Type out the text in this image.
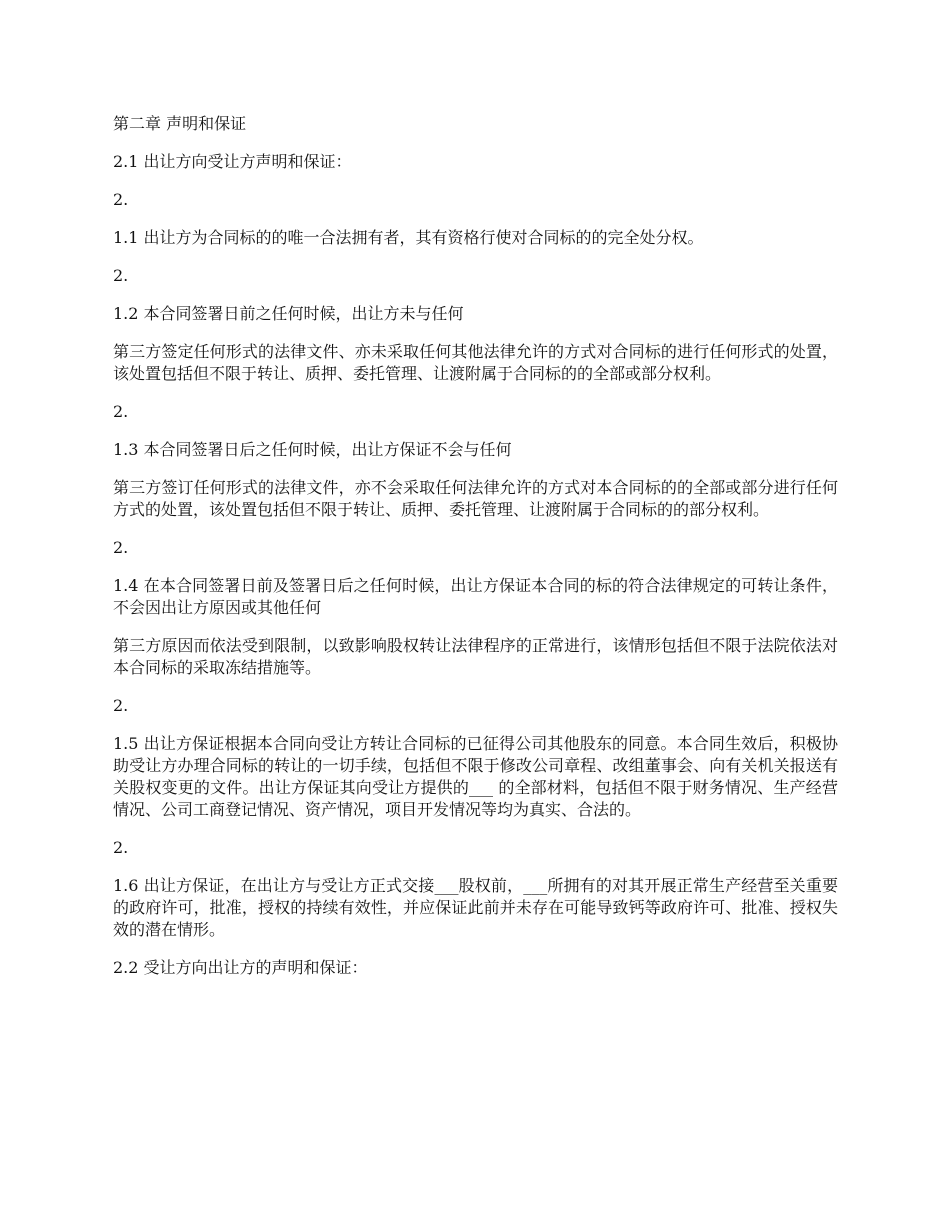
第二章 声明和保证

2.1 出让方向受让方声明和保证：

2.

1.1 出让方为合同标的的唯一合法拥有者，其有资格行使对合同标的的完全处分权。

2.

1.2 本合同签署日前之任何时候，出让方未与任何

第三方签定任何形式的法律文件、亦未采取任何其他法律允许的方式对合同标的进行任何形式的处置，该处置包括但不限于转让、质押、委托管理、让渡附属于合同标的的全部或部分权利。

2.

1.3 本合同签署日后之任何时候，出让方保证不会与任何

第三方签订任何形式的法律文件，亦不会采取任何法律允许的方式对本合同标的的全部或部分进行任何方式的处置，该处置包括但不限于转让、质押、委托管理、让渡附属于合同标的的部分权利。

2.

1.4 在本合同签署日前及签署日后之任何时候，出让方保证本合同的标的符合法律规定的可转让条件，不会因出让方原因或其他任何

第三方原因而依法受到限制，以致影响股权转让法律程序的正常进行，该情形包括但不限于法院依法对本合同标的采取冻结措施等。

2.

1.5 出让方保证根据本合同向受让方转让合同标的已征得公司其他股东的同意。本合同生效后，积极协助受让方办理合同标的转让的一切手续，包括但不限于修改公司章程、改组董事会、向有关机关报送有关股权变更的文件。出让方保证其向受让方提供的___ 的全部材料，包括但不限于财务情况、生产经营情况、公司工商登记情况、资产情况，项目开发情况等均为真实、合法的。

2.

1.6 出让方保证，在出让方与受让方正式交接___股权前，___所拥有的对其开展正常生产经营至关重要的政府许可，批准，授权的持续有效性，并应保证此前并未存在可能导致钙等政府许可、批准、授权失效的潜在情形。

2.2 受让方向出让方的声明和保证：
